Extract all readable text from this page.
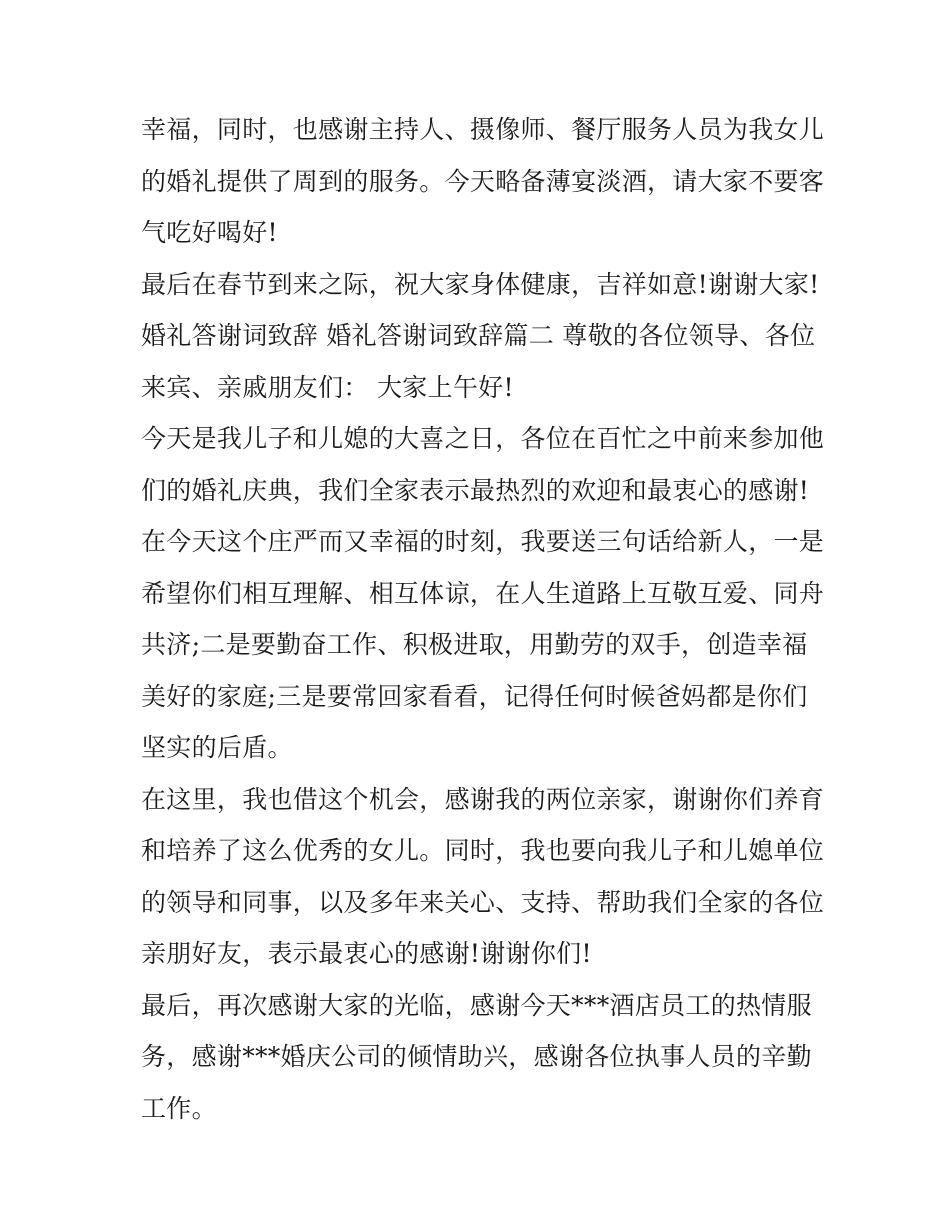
幸福，同时，也感谢主持人、摄像师、餐厅服务人员为我女儿
的婚礼提供了周到的服务。今天略备薄宴淡酒，请大家不要客
气吃好喝好!
最后在春节到来之际，祝大家身体健康，吉祥如意!谢谢大家!
婚礼答谢词致辞 婚礼答谢词致辞篇二 尊敬的各位领导、各位
来宾、亲戚朋友们： 大家上午好!
今天是我儿子和儿媳的大喜之日，各位在百忙之中前来参加他
们的婚礼庆典，我们全家表示最热烈的欢迎和最衷心的感谢!
在今天这个庄严而又幸福的时刻，我要送三句话给新人，一是
希望你们相互理解、相互体谅，在人生道路上互敬互爱、同舟
共济;二是要勤奋工作、积极进取，用勤劳的双手，创造幸福
美好的家庭;三是要常回家看看，记得任何时候爸妈都是你们
坚实的后盾。
在这里，我也借这个机会，感谢我的两位亲家，谢谢你们养育
和培养了这么优秀的女儿。同时，我也要向我儿子和儿媳单位
的领导和同事，以及多年来关心、支持、帮助我们全家的各位
亲朋好友，表示最衷心的感谢!谢谢你们!
最后，再次感谢大家的光临，感谢今天***酒店员工的热情服
务，感谢***婚庆公司的倾情助兴，感谢各位执事人员的辛勤
工作。
